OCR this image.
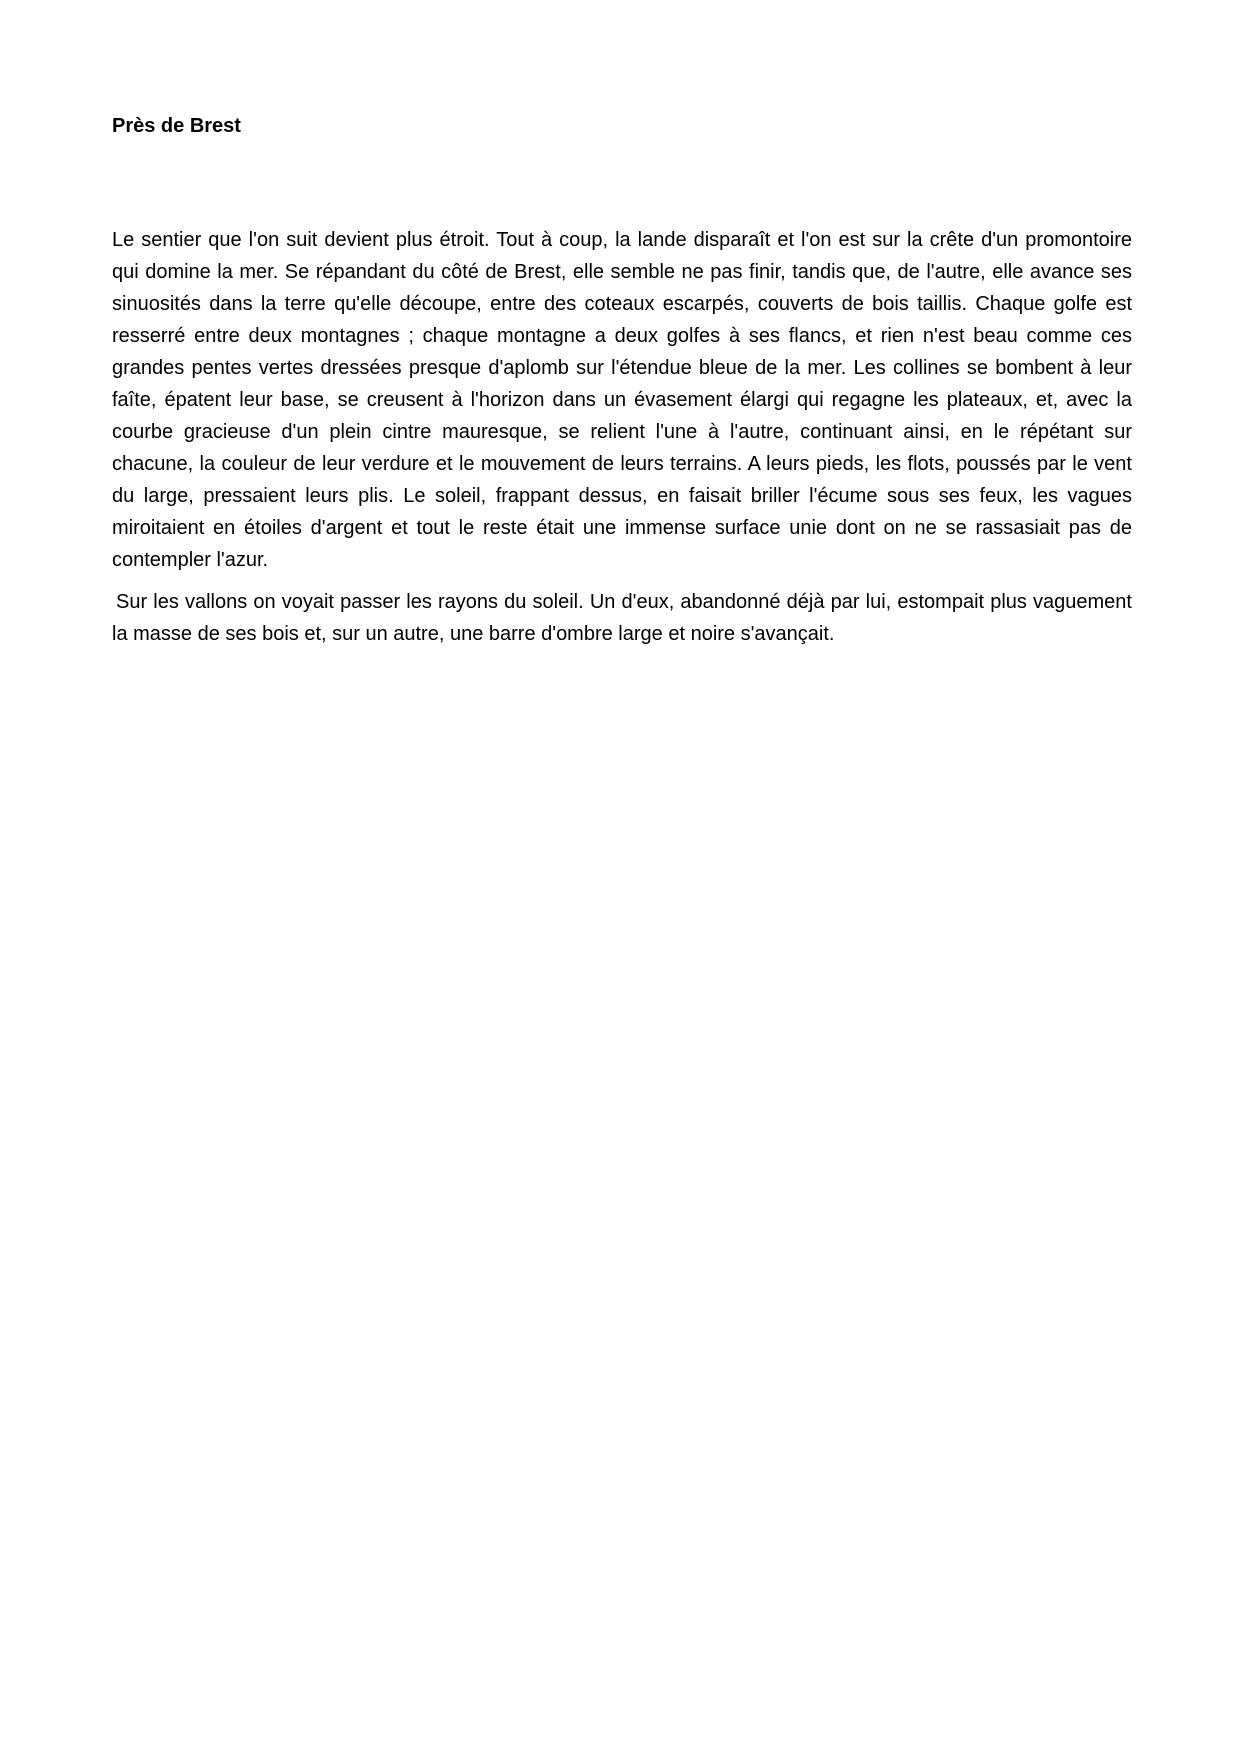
Près de Brest

Le sentier que l'on suit devient plus étroit. Tout à coup, la lande disparaît et l'on est sur la crête d'un promontoire qui domine la mer. Se répandant du côté de Brest, elle semble ne pas finir, tandis que, de l'autre, elle avance ses sinuosités dans la terre qu'elle découpe, entre des coteaux escarpés, couverts de bois taillis. Chaque golfe est resserré entre deux montagnes ; chaque montagne a deux golfes à ses flancs, et rien n'est beau comme ces grandes pentes vertes dressées presque d'aplomb sur l'étendue bleue de la mer. Les collines se bombent à leur faîte, épatent leur base, se creusent à l'horizon dans un évasement élargi qui regagne les plateaux, et, avec la courbe gracieuse d'un plein cintre mauresque, se relient l'une à l'autre, continuant ainsi, en le répétant sur chacune, la couleur de leur verdure et le mouvement de leurs terrains. A leurs pieds, les flots, poussés par le vent du large, pressaient leurs plis. Le soleil, frappant dessus, en faisait briller l'écume sous ses feux, les vagues miroitaient en étoiles d'argent et tout le reste était une immense surface unie dont on ne se rassasiait pas de contempler l'azur.

Sur les vallons on voyait passer les rayons du soleil. Un d'eux, abandonné déjà par lui, estompait plus vaguement la masse de ses bois et, sur un autre, une barre d'ombre large et noire s'avançait.
